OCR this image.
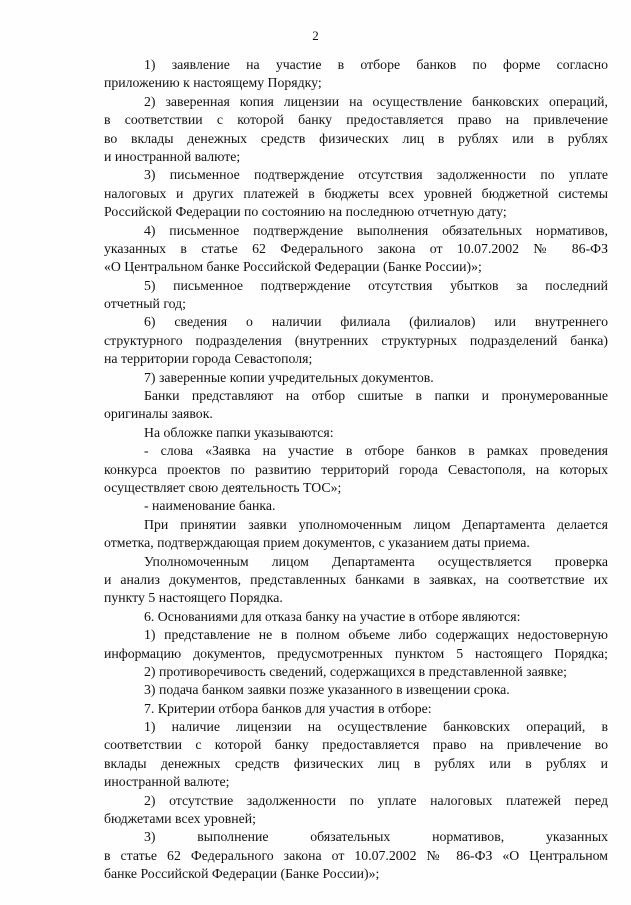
2
1) заявление на участие в отборе банков по форме согласно
приложению к настоящему Порядку;
2) заверенная копия лицензии на осуществление банковских операций,
в соответствии с которой банку предоставляется право на привлечение
во вклады денежных средств физических лиц в рублях или в рублях
и иностранной валюте;
3) письменное подтверждение отсутствия задолженности по уплате
налоговых и других платежей в бюджеты всех уровней бюджетной системы
Российской Федерации по состоянию на последнюю отчетную дату;
4) письменное подтверждение выполнения обязательных нормативов,
указанных в статье 62 Федерального закона от 10.07.2002 № 86-ФЗ
«О Центральном банке Российской Федерации (Банке России)»;
5) письменное подтверждение отсутствия убытков за последний
отчетный год;
6) сведения о наличии филиала (филиалов) или внутреннего
структурного подразделения (внутренних структурных подразделений банка)
на территории города Севастополя;
7) заверенные копии учредительных документов.
Банки представляют на отбор сшитые в папки и пронумерованные
оригиналы заявок.
На обложке папки указываются:
- слова «Заявка на участие в отборе банков в рамках проведения
конкурса проектов по развитию территорий города Севастополя, на которых
осуществляет свою деятельность ТОС»;
- наименование банка.
При принятии заявки уполномоченным лицом Департамента делается
отметка, подтверждающая прием документов, с указанием даты приема.
Уполномоченным лицом Департамента осуществляется проверка
и анализ документов, представленных банками в заявках, на соответствие их
пункту 5 настоящего Порядка.
6. Основаниями для отказа банку на участие в отборе являются:
1) представление не в полном объеме либо содержащих недостоверную
информацию документов, предусмотренных пунктом 5 настоящего Порядка;
2) противоречивость сведений, содержащихся в представленной заявке;
3) подача банком заявки позже указанного в извещении срока.
7. Критерии отбора банков для участия в отборе:
1) наличие лицензии на осуществление банковских операций, в
соответствии с которой банку предоставляется право на привлечение во
вклады денежных средств физических лиц в рублях или в рублях и
иностранной валюте;
2) отсутствие задолженности по уплате налоговых платежей перед
бюджетами всех уровней;
3) выполнение обязательных нормативов, указанных
в статье 62 Федерального закона от 10.07.2002 № 86-ФЗ «О Центральном
банке Российской Федерации (Банке России)»;
